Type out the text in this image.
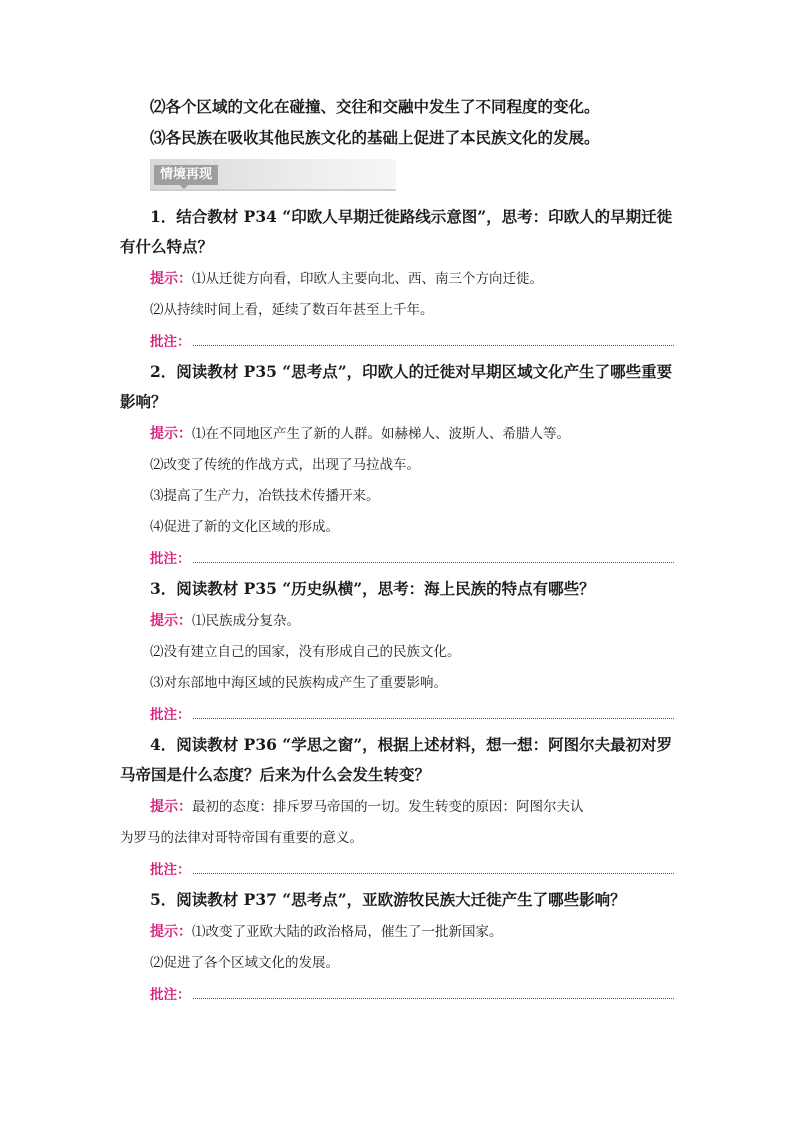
⑵各个区域的文化在碰撞、交往和交融中发生了不同程度的变化。
⑶各民族在吸收其他民族文化的基础上促进了本民族文化的发展。
情境再现
1．结合教材 P34 “印欧人早期迁徙路线示意图”，思考：印欧人的早期迁徙
有什么特点？
提示：⑴从迁徙方向看，印欧人主要向北、西、南三个方向迁徙。
⑵从持续时间上看，延续了数百年甚至上千年。
批注：
2．阅读教材 P35 “思考点”，印欧人的迁徙对早期区域文化产生了哪些重要
影响？
提示：⑴在不同地区产生了新的人群。如赫梯人、波斯人、希腊人等。
⑵改变了传统的作战方式，出现了马拉战车。
⑶提高了生产力，冶铁技术传播开来。
⑷促进了新的文化区域的形成。
批注：
3．阅读教材 P35 “历史纵横”，思考：海上民族的特点有哪些？
提示：⑴民族成分复杂。
⑵没有建立自己的国家，没有形成自己的民族文化。
⑶对东部地中海区域的民族构成产生了重要影响。
批注：
4．阅读教材 P36 “学思之窗”，根据上述材料，想一想：阿图尔夫最初对罗
马帝国是什么态度？后来为什么会发生转变？
提示：最初的态度：排斥罗马帝国的一切。发生转变的原因：阿图尔夫认
为罗马的法律对哥特帝国有重要的意义。
批注：
5．阅读教材 P37 “思考点”，亚欧游牧民族大迁徙产生了哪些影响？
提示：⑴改变了亚欧大陆的政治格局，催生了一批新国家。
⑵促进了各个区域文化的发展。
批注：
